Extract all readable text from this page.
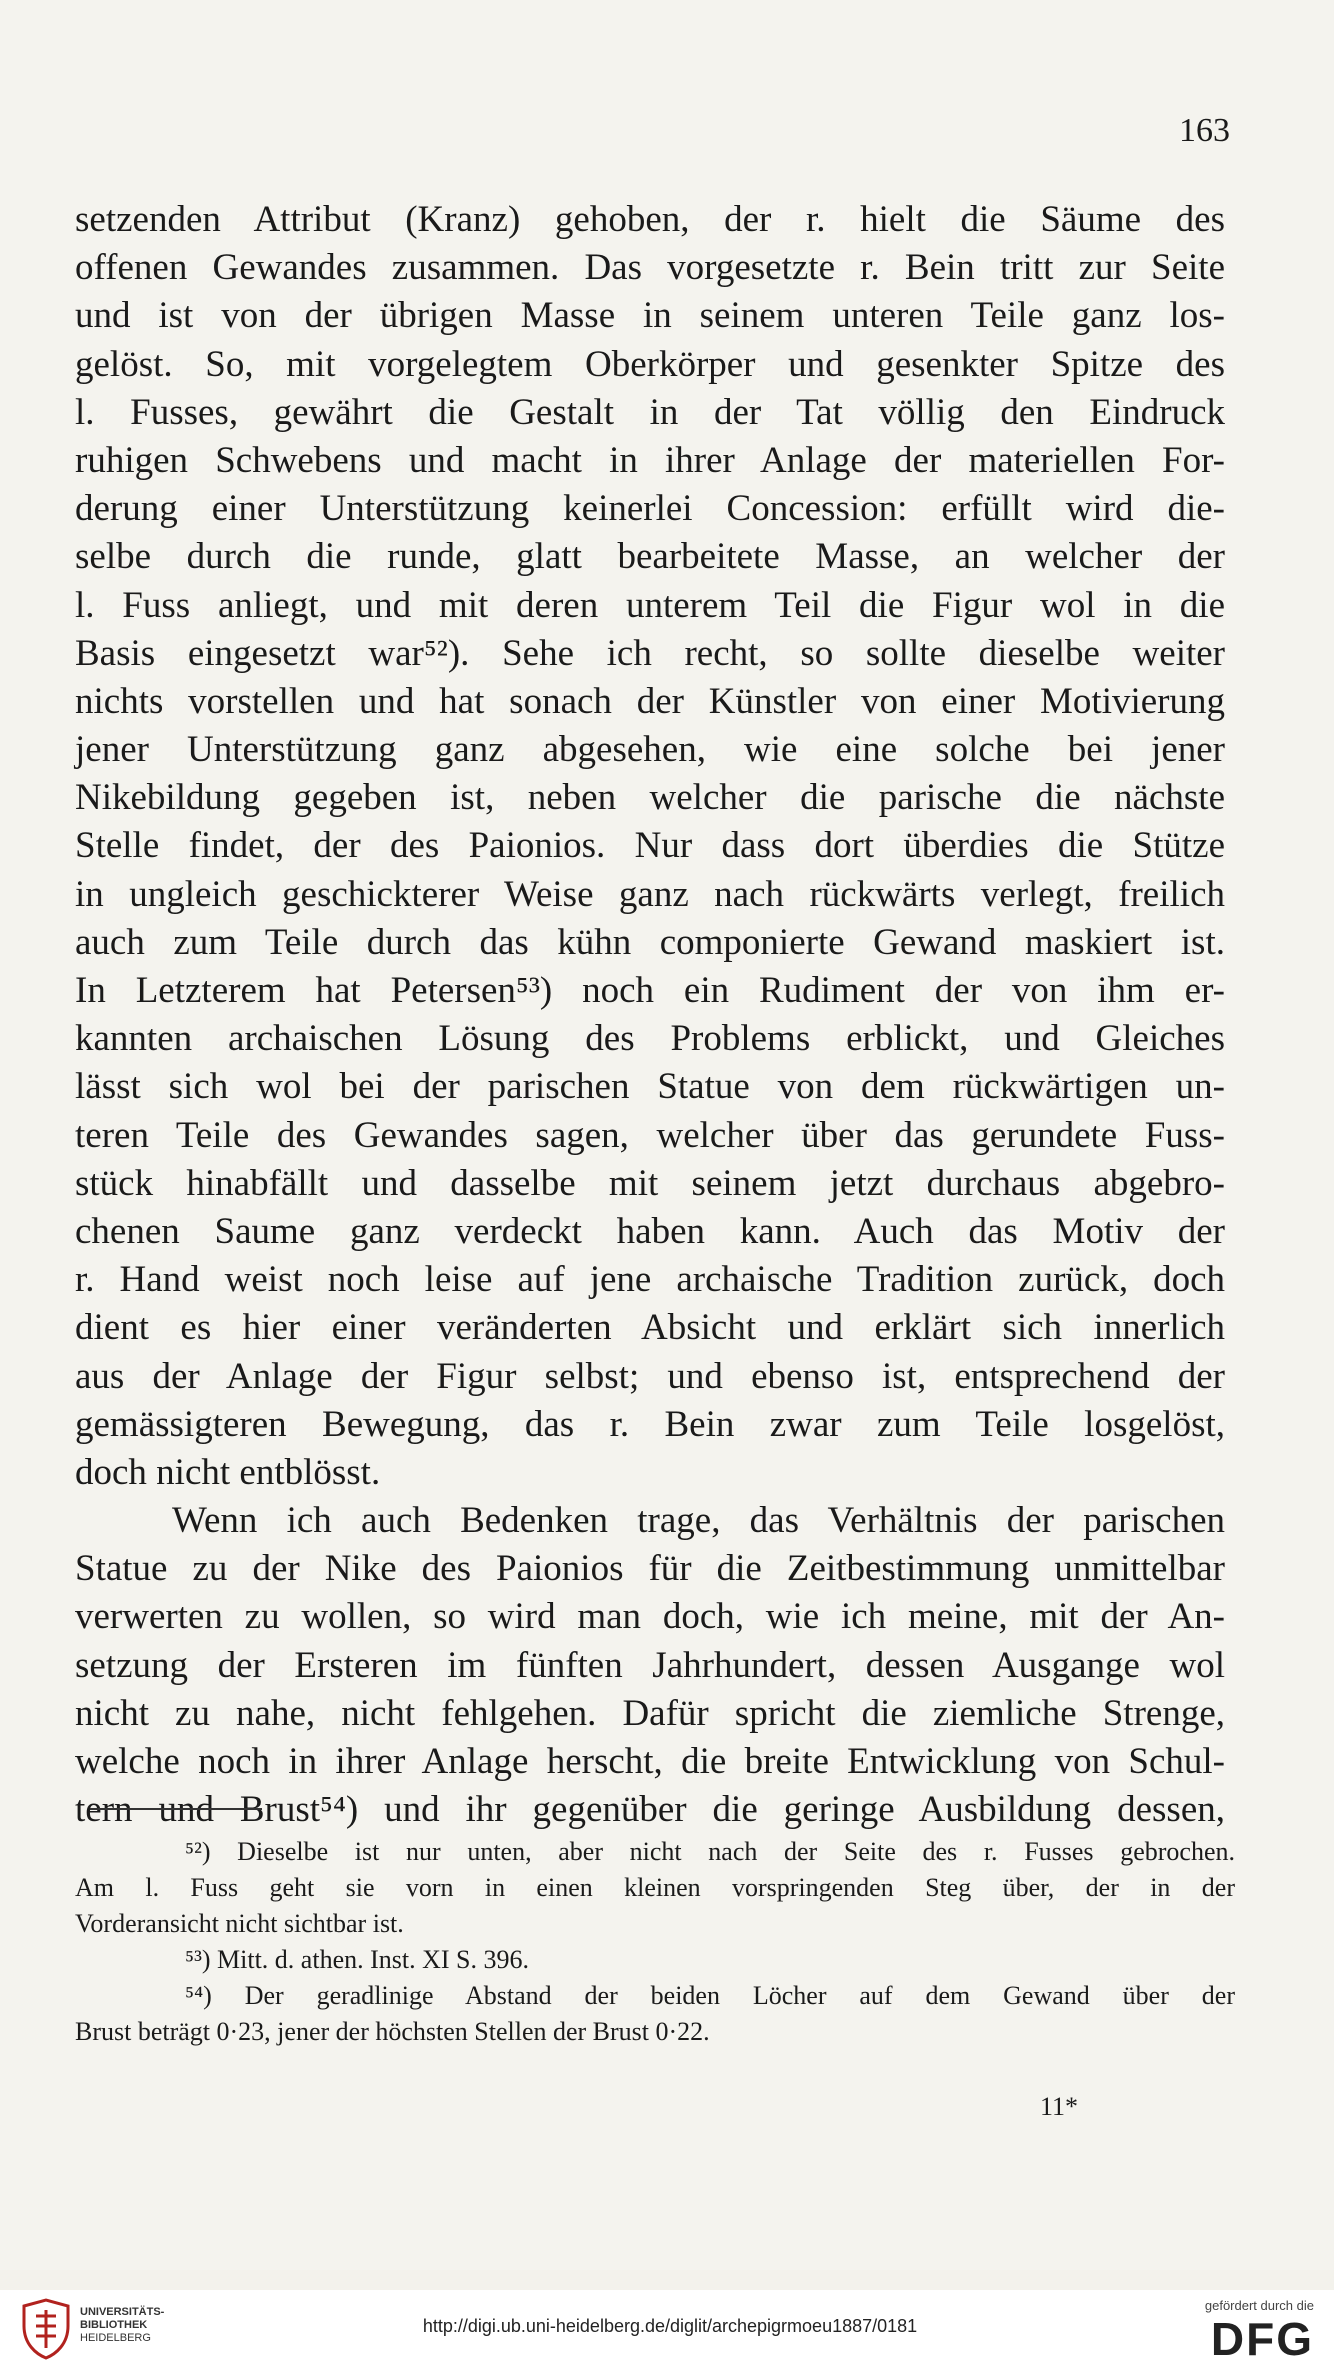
163
setzenden Attribut (Kranz) gehoben, der r. hielt die Säume des
offenen Gewandes zusammen. Das vorgesetzte r. Bein tritt zur Seite
und ist von der übrigen Masse in seinem unteren Teile ganz los-
gelöst. So, mit vorgelegtem Oberkörper und gesenkter Spitze des
l. Fusses, gewährt die Gestalt in der Tat völlig den Eindruck
ruhigen Schwebens und macht in ihrer Anlage der materiellen For-
derung einer Unterstützung keinerlei Concession: erfüllt wird die-
selbe durch die runde, glatt bearbeitete Masse, an welcher der
l. Fuss anliegt, und mit deren unterem Teil die Figur wol in die
Basis eingesetzt war⁵²). Sehe ich recht, so sollte dieselbe weiter
nichts vorstellen und hat sonach der Künstler von einer Motivierung
jener Unterstützung ganz abgesehen, wie eine solche bei jener
Nikebildung gegeben ist, neben welcher die parische die nächste
Stelle findet, der des Paionios. Nur dass dort überdies die Stütze
in ungleich geschickterer Weise ganz nach rückwärts verlegt, freilich
auch zum Teile durch das kühn componierte Gewand maskiert ist.
In Letzterem hat Petersen⁵³) noch ein Rudiment der von ihm er-
kannten archaischen Lösung des Problems erblickt, und Gleiches
lässt sich wol bei der parischen Statue von dem rückwärtigen un-
teren Teile des Gewandes sagen, welcher über das gerundete Fuss-
stück hinabfällt und dasselbe mit seinem jetzt durchaus abgebro-
chenen Saume ganz verdeckt haben kann. Auch das Motiv der
r. Hand weist noch leise auf jene archaische Tradition zurück, doch
dient es hier einer veränderten Absicht und erklärt sich innerlich
aus der Anlage der Figur selbst; und ebenso ist, entsprechend der
gemässigteren Bewegung, das r. Bein zwar zum Teile losgelöst,
doch nicht entblösst.
Wenn ich auch Bedenken trage, das Verhältnis der parischen
Statue zu der Nike des Paionios für die Zeitbestimmung unmittelbar
verwerten zu wollen, so wird man doch, wie ich meine, mit der An-
setzung der Ersteren im fünften Jahrhundert, dessen Ausgange wol
nicht zu nahe, nicht fehlgehen. Dafür spricht die ziemliche Strenge,
welche noch in ihrer Anlage hersсht, die breite Entwicklung von Schul-
tern und Brust⁵⁴) und ihr gegenüber die geringe Ausbildung dessen,
⁵²) Dieselbe ist nur unten, aber nicht nach der Seite des r. Fusses gebrochen.
Am l. Fuss geht sie vorn in einen kleinen vorspringenden Steg über, der in der
Vorderansicht nicht sichtbar ist.
⁵³) Mitt. d. athen. Inst. XI S. 396.
⁵⁴) Der geradlinige Abstand der beiden Löcher auf dem Gewand über der
Brust beträgt 0·23, jener der höchsten Stellen der Brust 0·22.
11*
UNIVERSITÄTS-
BIBLIOTHEK
HEIDELBERG
http://digi.ub.uni-heidelberg.de/diglit/archepigrmoeu1887/0181
gefördert durch die
DFG
